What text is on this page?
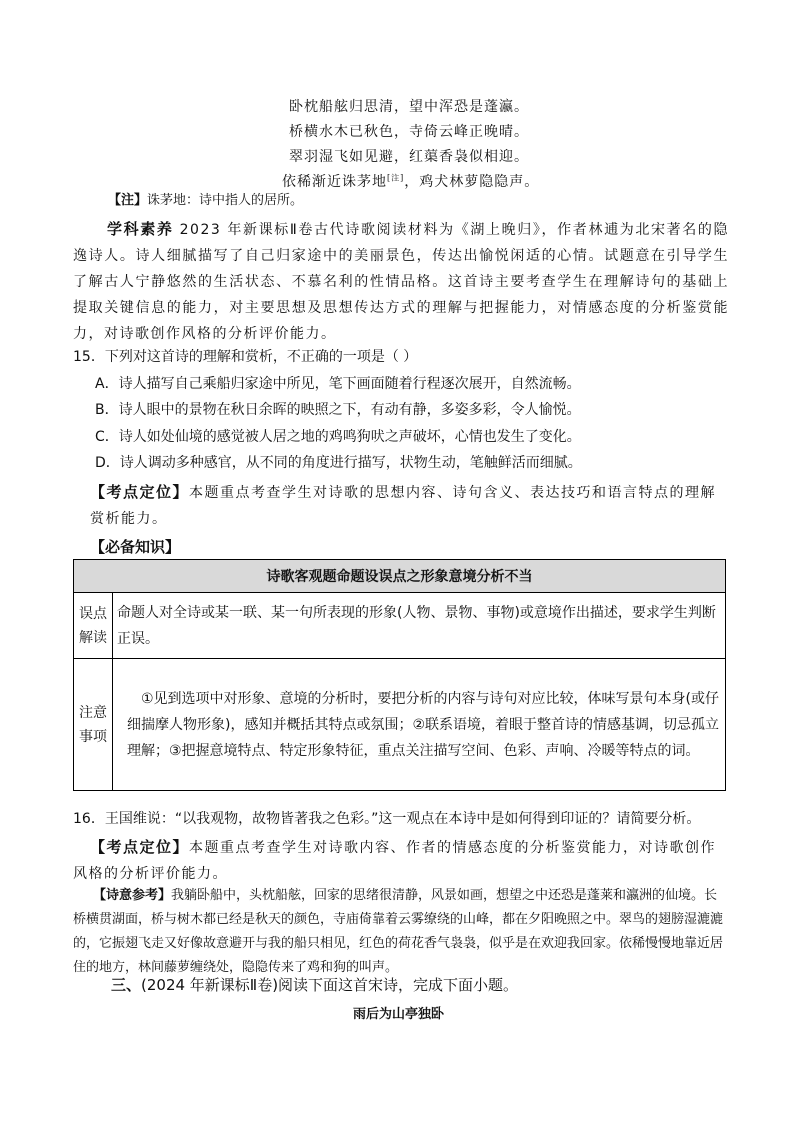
卧枕船舷归思清，望中浑恐是蓬瀛。
桥横水木已秋色，寺倚云峰正晚晴。
翠羽湿飞如见避，红蕖香袅似相迎。
依稀渐近诛茅地[注]，鸡犬林萝隐隐声。
【注】诛茅地：诗中指人的居所。
学科素养 2023 年新课标Ⅱ卷古代诗歌阅读材料为《湖上晚归》，作者林逋为北宋著名的隐逸诗人。诗人细腻描写了自己归家途中的美丽景色，传达出愉悦闲适的心情。试题意在引导学生了解古人宁静悠然的生活状态、不慕名利的性情品格。这首诗主要考查学生在理解诗句的基础上提取关键信息的能力，对主要思想及思想传达方式的理解与把握能力，对情感态度的分析鉴赏能力，对诗歌创作风格的分析评价能力。
15．下列对这首诗的理解和赏析，不正确的一项是（ ）
A．诗人描写自己乘船归家途中所见，笔下画面随着行程逐次展开，自然流畅。
B．诗人眼中的景物在秋日余晖的映照之下，有动有静，多姿多彩，令人愉悦。
C．诗人如处仙境的感觉被人居之地的鸡鸣狗吠之声破坏，心情也发生了变化。
D．诗人调动多种感官，从不同的角度进行描写，状物生动，笔触鲜活而细腻。
【考点定位】本题重点考查学生对诗歌的思想内容、诗句含义、表达技巧和语言特点的理解赏析能力。
【必备知识】
诗歌客观题命题设误点之形象意境分析不当	
误点
解读	命题人对全诗或某一联、某一句所表现的形象(人物、景物、事物)或意境作出描述，要求学生判断正误。
注意
事项	①见到选项中对形象、意境的分析时，要把分析的内容与诗句对应比较，体味写景句本身(或仔细揣摩人物形象)，感知并概括其特点或氛围；②联系语境，着眼于整首诗的情感基调，切忌孤立理解；③把握意境特点、特定形象特征，重点关注描写空间、色彩、声响、冷暖等特点的词。
16．王国维说：“以我观物，故物皆著我之色彩。”这一观点在本诗中是如何得到印证的？请简要分析。
【考点定位】本题重点考查学生对诗歌内容、作者的情感态度的分析鉴赏能力，对诗歌创作风格的分析评价能力。
【诗意参考】我躺卧船中，头枕船舷，回家的思绪很清静，风景如画，想望之中还恐是蓬莱和瀛洲的仙境。长桥横贯湖面，桥与树木都已经是秋天的颜色，寺庙倚靠着云雾缭绕的山峰，都在夕阳晚照之中。翠鸟的翅膀湿漉漉的，它振翅飞走又好像故意避开与我的船只相见，红色的荷花香气袅袅，似乎是在欢迎我回家。依稀慢慢地靠近居住的地方，林间藤萝缠绕处，隐隐传来了鸡和狗的叫声。
三、(2024 年新课标Ⅱ卷)阅读下面这首宋诗，完成下面小题。
雨后为山亭独卧
